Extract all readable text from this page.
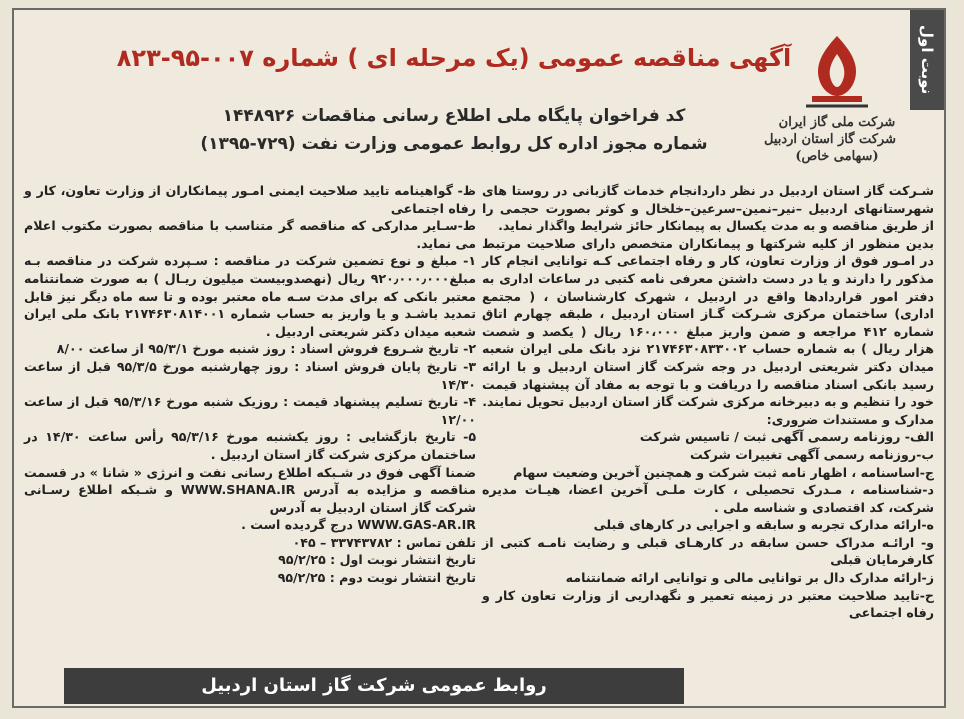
نوبت اول
شرکت ملی گاز ایران
شرکت گاز استان اردبیل
(سهامی خاص)
آگهی مناقصه عمومی (یک مرحله ای ) شماره ۰۰۷-۹۵-۸۲۳
کد فراخوان پایگاه ملی اطلاع رسانی مناقصات ۱۴۴۸۹۲۶
شماره مجوز اداره کل روابط عمومی وزارت نفت (۷۲۹-۱۳۹۵)

شـرکت گاز استان اردبیل در نظر داردانجام خدمات گازبانی در روستا های شهرستانهای اردبیل –نیر–نمین–سرعین–خلخال و کوثر بصورت حجمی را از طریق مناقصه و به مدت یکسال به پیمانکار حائز شرایط واگذار نماید.

بدین منظور از کلیه شرکتها و پیمانکاران متخصص دارای صلاحیت مرتبط در امـور فوق از وزارت تعاون، کار و رفاه اجتماعی کـه توانایی انجام کار مذکور را دارند و یا در دست داشتن معرفی نامه کتبی در ساعات اداری به دفتر امور قراردادها واقع در اردبیل ، شهرک کارشناسان ، ( مجتمع اداری) ساختمان مرکزی شـرکت گـاز استان اردبیل ، طبقه چهارم اتاق شماره ۴۱۲ مراجعه و ضمن واریز مبلغ ۱۶۰،۰۰۰ ریال ( یکصد و شصت هزار ریال ) به شماره حساب ۲۱۷۴۶۳۰۸۳۳۰۰۲ نزد بانک ملی ایران شعبه میدان دکتر شریعتی اردبیل در وجه شرکت گاز استان اردبیل و با ارائه رسید بانکی اسناد مناقصه را دریافت و با توجه به مفاد آن پیشنهاد قیمت خود را تنظیم و به دبیرخانه مرکزی شرکت گاز استان اردبیل تحویل نمایند.

مدارک و مستندات ضروری:

الف- روزنامه رسمی آگهی ثبت / تاسیس شرکت

ب-روزنامه رسمی آگهی تغییرات شرکت

ج-اساسنامه ، اظهار نامه ثبت شرکت و همچنین آخرین وضعیت سهام

د-شناسنامه ، مـدرک تحصیلی ، کارت ملـی آخرین اعضا، هیـات مدیره شرکت، کد اقتصادی و شناسه ملی .

ه-ارائه مدارک تجربه و سابقه و اجرایی در کارهای قبلی

و- ارائـه مدراک حسن سابقه در کارهـای قبلی و رضایت نامـه کتبی از کارفرمایان قبلی

ز-ارائه مدارک دال بر توانایی مالی و توانایی ارائه ضمانتنامه

ح-تایید صلاحیت معتبر در زمینه تعمیر و نگهداریی از وزارت تعاون کار و رفاه اجتماعی

ظ- گواهینامه تایید صلاحیت ایمنی امـور پیمانکاران از وزارت تعاون، کار و رفاه اجتماعی

ط-سـایر مدارکی که مناقصه گر متناسب با مناقصه بصورت مکتوب اعلام می نماید.

۱- مبلغ و نوع تضمین شرکت در مناقصه : سـپرده شرکت در مناقصه بـه مبلغ۹۲۰٫۰۰۰٫۰۰۰ ریال (نهصدوبیست میلیون ریـال ) به صورت ضمانتنامه معتبر بانکی که برای مدت سـه ماه معتبر بوده و تا سه ماه دیگر نیز قابل تمدید باشـد و یا واریز به حساب شماره ۲۱۷۴۶۳۰۸۱۴۰۰۱ بانک ملی ایران شعبه میدان دکتر شریعتی اردبیل .

۲- تاریخ شـروع فروش اسناد : روز شنبه مورخ ۹۵/۳/۱ از ساعت ۸/۰۰

۳- تاریخ پایان فروش اسناد : روز چهارشنبه مورخ ۹۵/۳/۵ قبل از ساعت ۱۴/۳۰

۴- تاریخ تسلیم پیشنهاد قیمت : روزیک شنبه مورخ ۹۵/۳/۱۶ قبل از ساعت ۱۲/۰۰

۵- تاریخ بازگشایی : روز یکشنبه مورخ ۹۵/۳/۱۶ رأس ساعت ۱۴/۳۰ در ساختمان مرکزی شرکت گاز استان اردبیل .

ضمنا آگهی فوق در شـبکه اطلاع رسانی نفت و انرژی « شانا » در قسمت مناقصه و مزایده به آدرس WWW.SHANA.IR و شـبکه اطلاع رسـانی شرکت گاز استان اردبیل به آدرس

WWW.GAS-AR.IR درج گردیده است .

تلفن تماس : ۳۳۷۴۳۷۸۲ – ۰۴۵

تاریخ انتشار نوبت اول : ۹۵/۲/۲۵

تاریخ انتشار نوبت دوم : ۹۵/۲/۲۵

روابط عمومی شرکت گاز استان اردبیل
